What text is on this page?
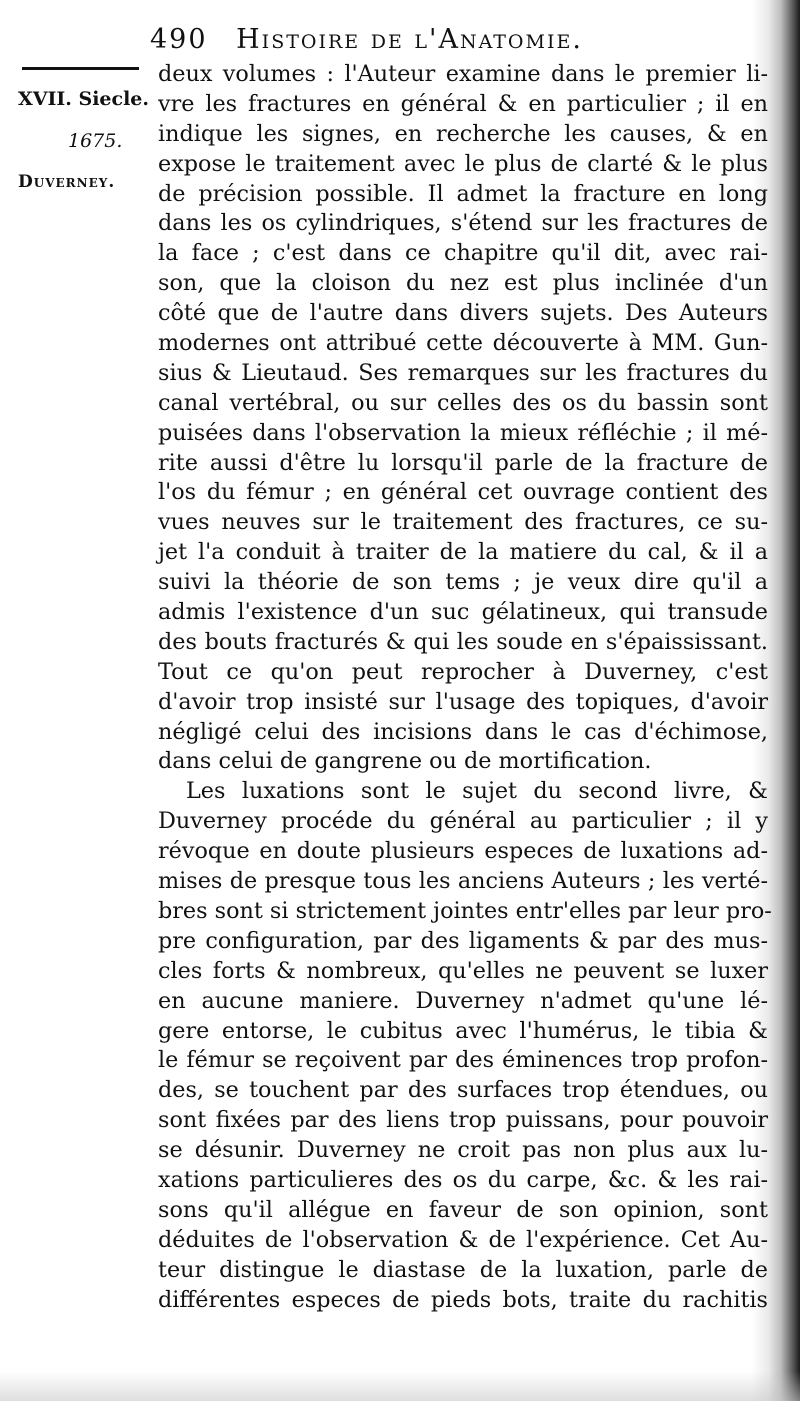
490 Histoire de l'Anatomie.
XVII. Siecle.
1675.
Duverney.
deux volumes : l'Auteur examine dans le premier li-
vre les fractures en général & en particulier ; il en
indique les signes, en recherche les causes, & en
expose le traitement avec le plus de clarté & le plus
de précision possible. Il admet la fracture en long
dans les os cylindriques, s'étend sur les fractures de
la face ; c'est dans ce chapitre qu'il dit, avec rai-
son, que la cloison du nez est plus inclinée d'un
côté que de l'autre dans divers sujets. Des Auteurs
modernes ont attribué cette découverte à MM. Gun-
sius & Lieutaud. Ses remarques sur les fractures du
canal vertébral, ou sur celles des os du bassin sont
puisées dans l'observation la mieux réfléchie ; il mé-
rite aussi d'être lu lorsqu'il parle de la fracture de
l'os du fémur ; en général cet ouvrage contient des
vues neuves sur le traitement des fractures, ce su-
jet l'a conduit à traiter de la matiere du cal, & il a
suivi la théorie de son tems ; je veux dire qu'il a
admis l'existence d'un suc gélatineux, qui transude
des bouts fracturés & qui les soude en s'épaississant.
Tout ce qu'on peut reprocher à Duverney, c'est
d'avoir trop insisté sur l'usage des topiques, d'avoir
négligé celui des incisions dans le cas d'échimose,
dans celui de gangrene ou de mortification.
Les luxations sont le sujet du second livre, &
Duverney procéde du général au particulier ; il y
révoque en doute plusieurs especes de luxations ad-
mises de presque tous les anciens Auteurs ; les verté-
bres sont si strictement jointes entr'elles par leur pro-
pre configuration, par des ligaments & par des mus-
cles forts & nombreux, qu'elles ne peuvent se luxer
en aucune maniere. Duverney n'admet qu'une lé-
gere entorse, le cubitus avec l'humérus, le tibia &
le fémur se reçoivent par des éminences trop profon-
des, se touchent par des surfaces trop étendues, ou
sont fixées par des liens trop puissans, pour pouvoir
se désunir. Duverney ne croit pas non plus aux lu-
xations particulieres des os du carpe, &c. & les rai-
sons qu'il allégue en faveur de son opinion, sont
déduites de l'observation & de l'expérience. Cet Au-
teur distingue le diastase de la luxation, parle de
différentes especes de pieds bots, traite du rachitis
